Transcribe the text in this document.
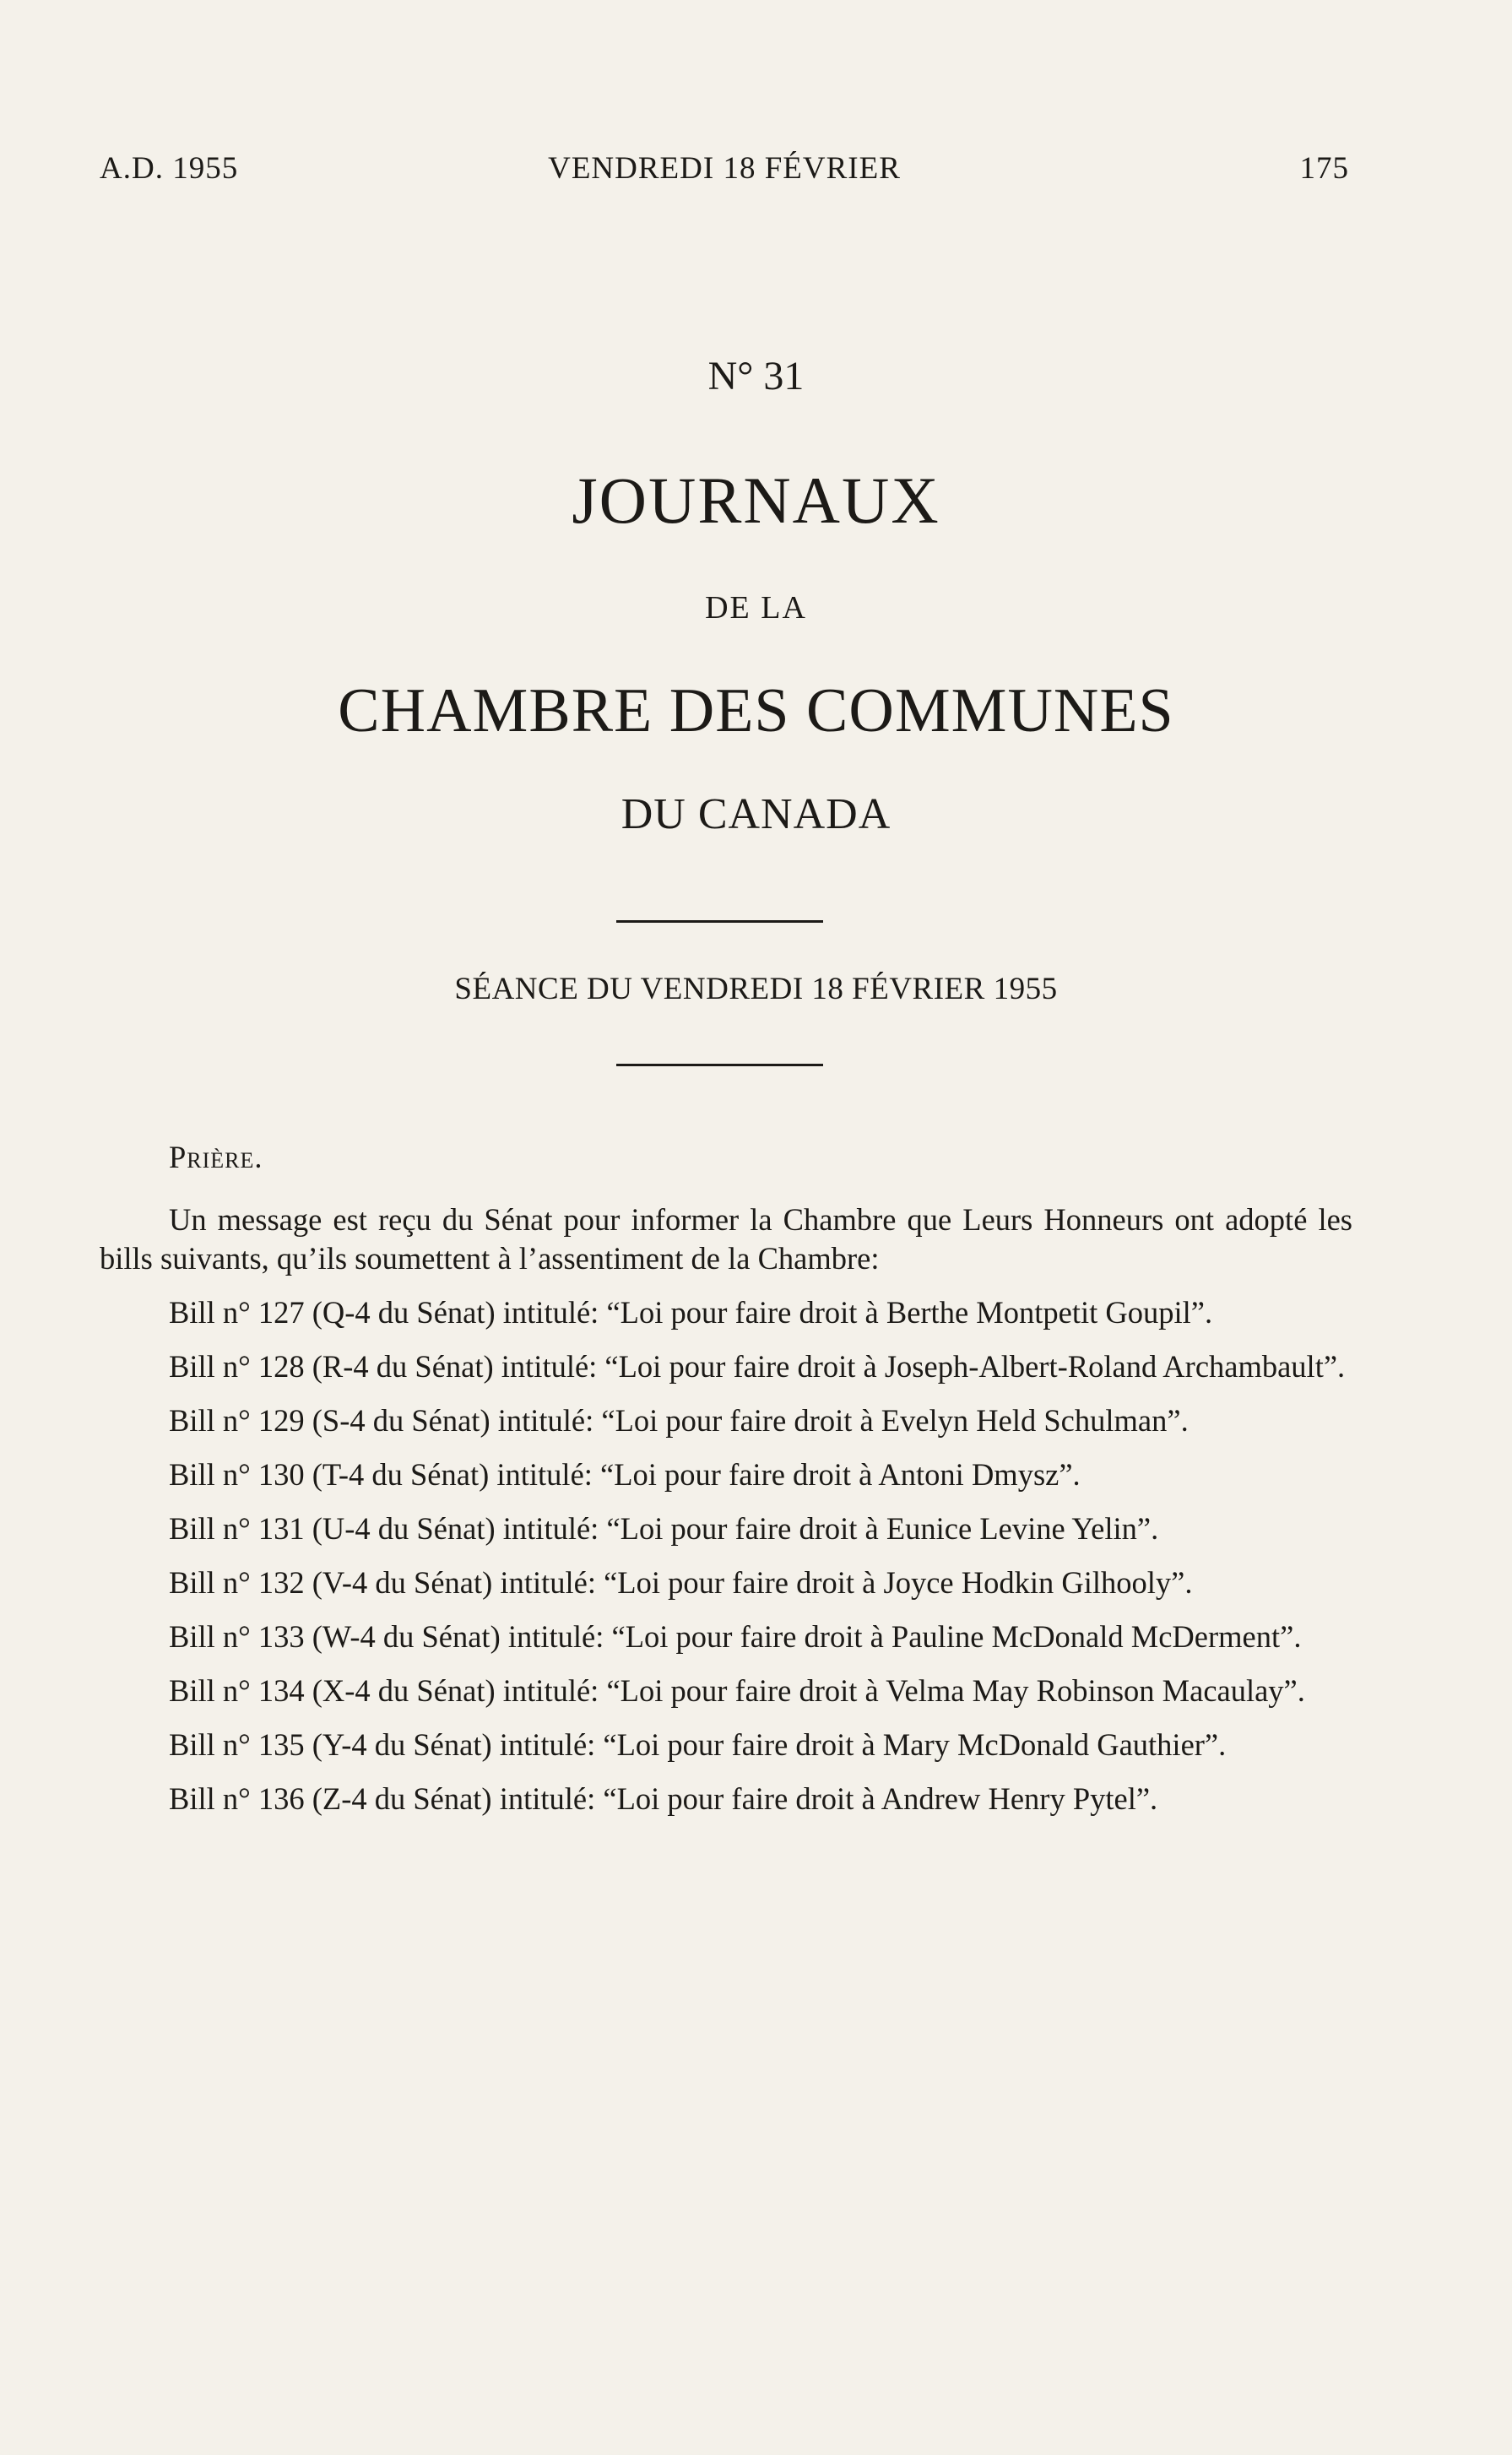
A.D. 1955	VENDREDI 18 FÉVRIER	175
N° 31
JOURNAUX
DE LA
CHAMBRE DES COMMUNES
DU CANADA
SÉANCE DU VENDREDI 18 FÉVRIER 1955

Prière.

Un message est reçu du Sénat pour informer la Chambre que Leurs Honneurs ont adopté les bills suivants, qu’ils soumettent à l’assentiment de la Chambre:

Bill n° 127 (Q-4 du Sénat) intitulé: “Loi pour faire droit à Berthe Montpetit Goupil”.

Bill n° 128 (R-4 du Sénat) intitulé: “Loi pour faire droit à Joseph-Albert-Roland Archambault”.

Bill n° 129 (S-4 du Sénat) intitulé: “Loi pour faire droit à Evelyn Held Schulman”.

Bill n° 130 (T-4 du Sénat) intitulé: “Loi pour faire droit à Antoni Dmysz”.

Bill n° 131 (U-4 du Sénat) intitulé: “Loi pour faire droit à Eunice Levine Yelin”.

Bill n° 132 (V-4 du Sénat) intitulé: “Loi pour faire droit à Joyce Hodkin Gilhooly”.

Bill n° 133 (W-4 du Sénat) intitulé: “Loi pour faire droit à Pauline McDonald McDerment”.

Bill n° 134 (X-4 du Sénat) intitulé: “Loi pour faire droit à Velma May Robinson Macaulay”.

Bill n° 135 (Y-4 du Sénat) intitulé: “Loi pour faire droit à Mary McDonald Gauthier”.

Bill n° 136 (Z-4 du Sénat) intitulé: “Loi pour faire droit à Andrew Henry Pytel”.
